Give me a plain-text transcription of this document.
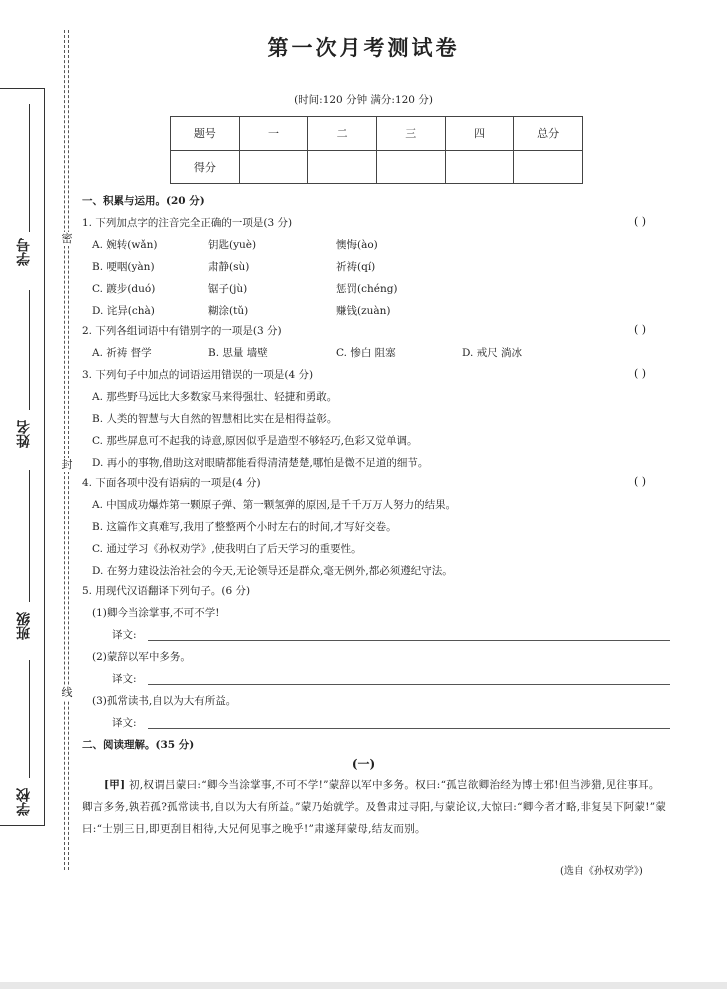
学号
姓名
班级
学校
密
封
线
第一次月考测试卷
(时间:120 分钟 满分:120 分)
题号	一	二	三	四	总分
得分					
一、积累与运用。(20 分)
1. 下列加点字的注音完全正确的一项是(3 分)	( )
A. 婉转(wǎn)	钥匙(yuè)	懊悔(ào)
B. 哽咽(yàn)	肃静(sù)	祈祷(qí)
C. 踱步(duó)	锯子(jù)	惩罚(chéng)
D. 诧异(chà)	糊涂(tǔ)	赚钱(zuàn)
2. 下列各组词语中有错别字的一项是(3 分)	( )
A. 祈祷 督学	B. 思量 墙壁	C. 惨白 阻塞	D. 戒尺 淌冰
3. 下列句子中加点的词语运用错误的一项是(4 分)	( )
A. 那些野马远比大多数家马来得强壮、轻捷和勇敢。
B. 人类的智慧与大自然的智慧相比实在是相得益彰。
C. 那些屏息可不起我的诗意,原因似乎是造型不够轻巧,色彩又觉单调。
D. 再小的事物,借助这对眼睛都能看得清清楚楚,哪怕是微不足道的细节。
4. 下面各项中没有语病的一项是(4 分)	( )
A. 中国成功爆炸第一颗原子弹、第一颗氢弹的原因,是千千万万人努力的结果。
B. 这篇作文真难写,我用了整整两个小时左右的时间,才写好交卷。
C. 通过学习《孙权劝学》,使我明白了后天学习的重要性。
D. 在努力建设法治社会的今天,无论领导还是群众,毫无例外,都必须遵纪守法。
5. 用现代汉语翻译下列句子。(6 分)
(1)卿今当涂掌事,不可不学!
译文:
(2)蒙辞以军中多务。
译文:
(3)孤常读书,自以为大有所益。
译文:
二、阅读理解。(35 分)
(一)
[甲] 初,权谓吕蒙曰:“卿今当涂掌事,不可不学!”蒙辞以军中多务。权曰:“孤岂欲卿治经为博士邪!但当涉猎,见往事耳。卿言多务,孰若孤?孤常读书,自以为大有所益。”蒙乃始就学。及鲁肃过寻阳,与蒙论议,大惊曰:“卿今者才略,非复吴下阿蒙!”蒙曰:“士别三日,即更刮目相待,大兄何见事之晚乎!”肃遂拜蒙母,结友而别。
(选自《孙权劝学》)
